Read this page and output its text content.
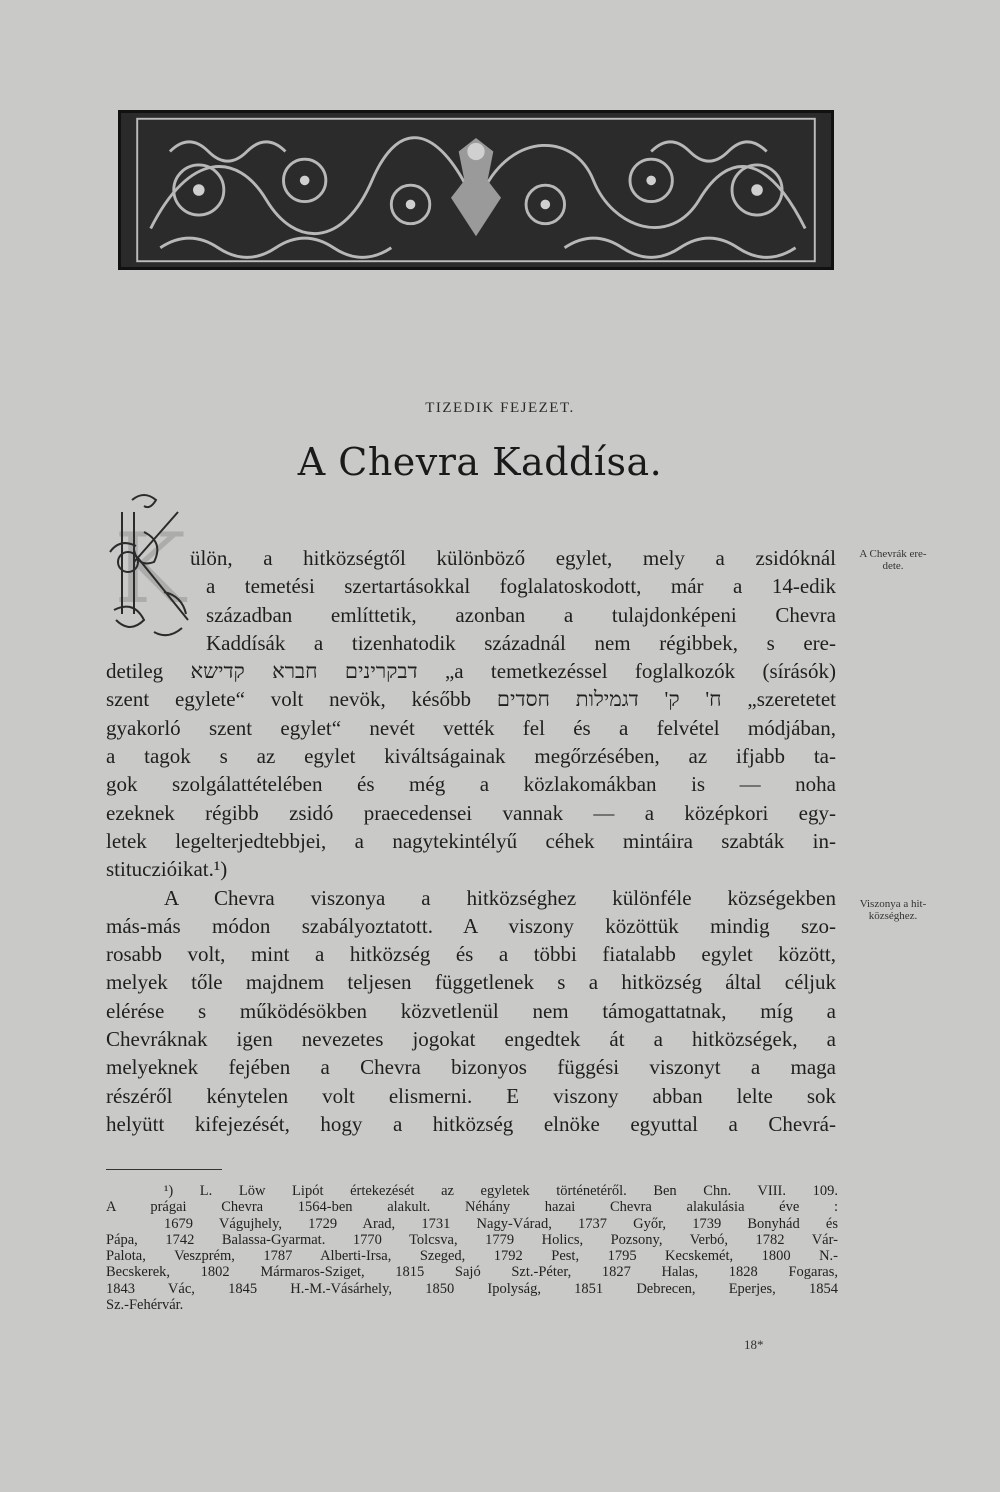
TIZEDIK FEJEZET.
A Chevra Kaddísa.
K ülön, a hitközségtől különböző egylet, mely a zsidóknál
a temetési szertartásokkal foglalatoskodott, már a 14-edik
században említtetik, azonban a tulajdonképeni Chevra
Kaddísák a tizenhatodik századnál nem régibbek, s ere-
detileg דבקרינים חברא קדישא „a temetkezéssel foglalkozók (sírásók)
szent egylete“ volt nevök, később ח' ק' דגמילות חסדים „szeretetet
gyakorló szent egylet“ nevét vették fel és a felvétel módjában,
a tagok s az egylet kiváltságainak megőrzésében, az ifjabb ta-
gok szolgálattételében és még a közlakomákban is — noha
ezeknek régibb zsidó praecedensei vannak — a középkori egy-
letek legelterjedtebbjei, a nagytekintélyű céhek mintáira szabták in-
stituczióikat.¹)
A Chevra viszonya a hitközséghez különféle községekben
más-más módon szabályoztatott. A viszony közöttük mindig szo-
rosabb volt, mint a hitközség és a többi fiatalabb egylet között,
melyek tőle majdnem teljesen függetlenek s a hitközség által céljuk
elérése s működésökben közvetlenül nem támogattatnak, míg a
Chevráknak igen nevezetes jogokat engedtek át a hitközségek, a
melyeknek fejében a Chevra bizonyos függési viszonyt a maga
részéről kénytelen volt elismerni. E viszony abban lelte sok
helyütt kifejezését, hogy a hitközség elnöke egyuttal a Chevrá-
A Chevrák ere-
dete.
Viszonya a hit-
községhez.
¹) L. Löw Lipót értekezését az egyletek történetéről. Ben Chn. VIII. 109.
A prágai Chevra 1564-ben alakult. Néhány hazai Chevra alakulásia éve :
1679 Vágujhely, 1729 Arad, 1731 Nagy-Várad, 1737 Győr, 1739 Bonyhád és
Pápa, 1742 Balassa-Gyarmat. 1770 Tolcsva, 1779 Holics, Pozsony, Verbó, 1782 Vár-
Palota, Veszprém, 1787 Alberti-Irsa, Szeged, 1792 Pest, 1795 Kecskemét, 1800 N.-
Becskerek, 1802 Mármaros-Sziget, 1815 Sajó Szt.-Péter, 1827 Halas, 1828 Fogaras,
1843 Vác, 1845 H.-M.-Vásárhely, 1850 Ipolyság, 1851 Debrecen, Eperjes, 1854
Sz.-Fehérvár.
18*
